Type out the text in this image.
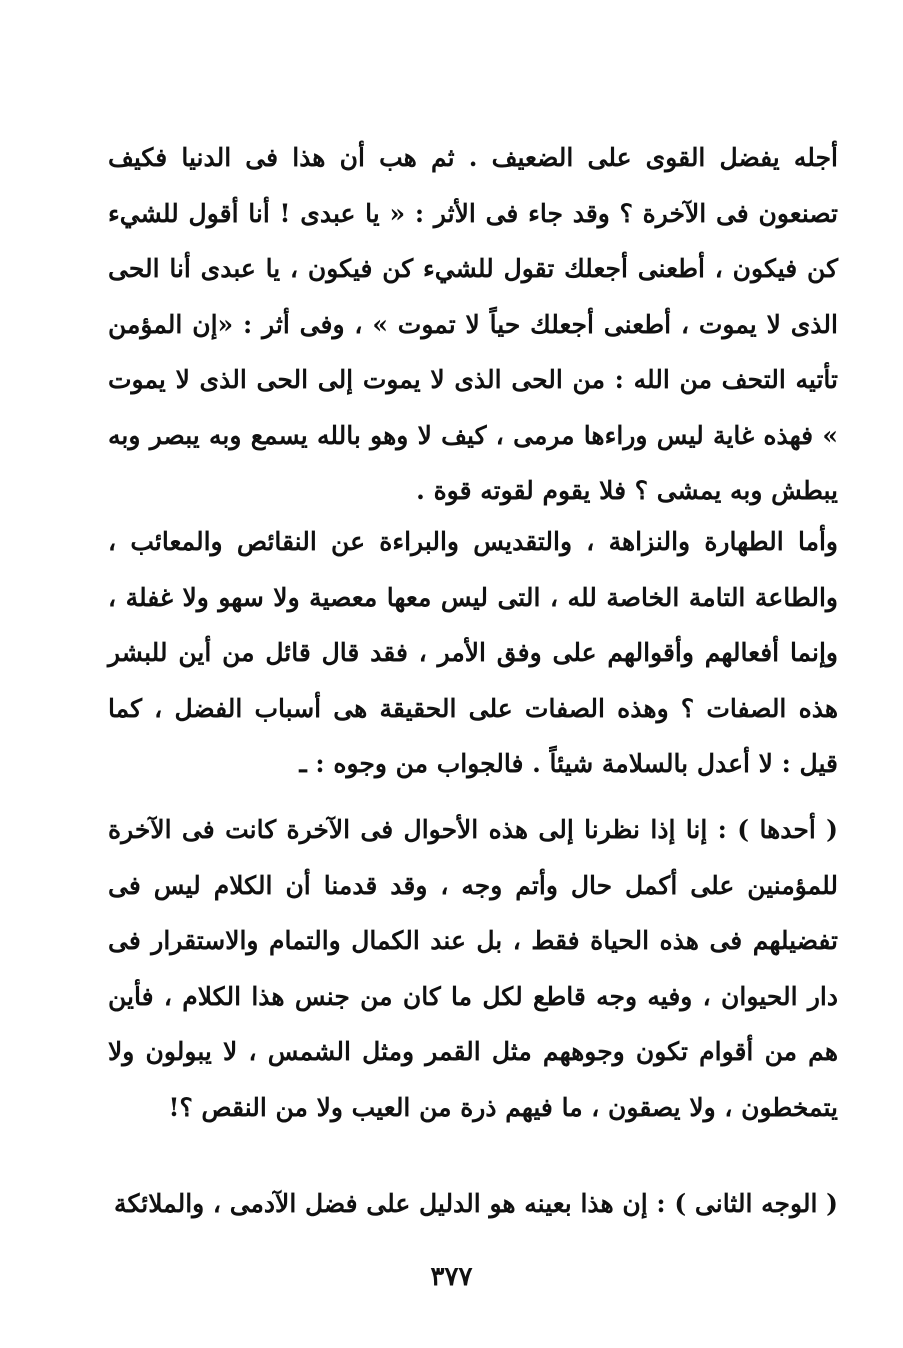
أجله يفضل القوى على الضعيف . ثم هب أن هذا فى الدنيا فكيف تصنعون فى الآخرة ؟ وقد جاء فى الأثر : « يا عبدى ! أنا أقول للشيء كن فيكون ، أطعنى أجعلك تقول للشيء كن فيكون ، يا عبدى أنا الحى الذى لا يموت ، أطعنى أجعلك حياً لا تموت » ، وفى أثر : «إن المؤمن تأتيه التحف من الله : من الحى الذى لا يموت إلى الحى الذى لا يموت » فهذه غاية ليس وراءها مرمى ، كيف لا وهو بالله يسمع وبه يبصر وبه يبطش وبه يمشى ؟ فلا يقوم لقوته قوة .

وأما الطهارة والنزاهة ، والتقديس والبراءة عن النقائص والمعائب ، والطاعة التامة الخاصة لله ، التى ليس معها معصية ولا سهو ولا غفلة ، وإنما أفعالهم وأقوالهم على وفق الأمر ، فقد قال قائل من أين للبشر هذه الصفات ؟ وهذه الصفات على الحقيقة هى أسباب الفضل ، كما قيل : لا أعدل بالسلامة شيئاً . فالجواب من وجوه : ـ

( أحدها ) : إنا إذا نظرنا إلى هذه الأحوال فى الآخرة كانت فى الآخرة للمؤمنين على أكمل حال وأتم وجه ، وقد قدمنا أن الكلام ليس فى تفضيلهم فى هذه الحياة فقط ، بل عند الكمال والتمام والاستقرار فى دار الحيوان ، وفيه وجه قاطع لكل ما كان من جنس هذا الكلام ، فأين هم من أقوام تكون وجوههم مثل القمر ومثل الشمس ، لا يبولون ولا يتمخطون ، ولا يصقون ، ما فيهم ذرة من العيب ولا من النقص ؟!

( الوجه الثانى ) : إن هذا بعينه هو الدليل على فضل الآدمى ، والملائكة

٣٧٧
